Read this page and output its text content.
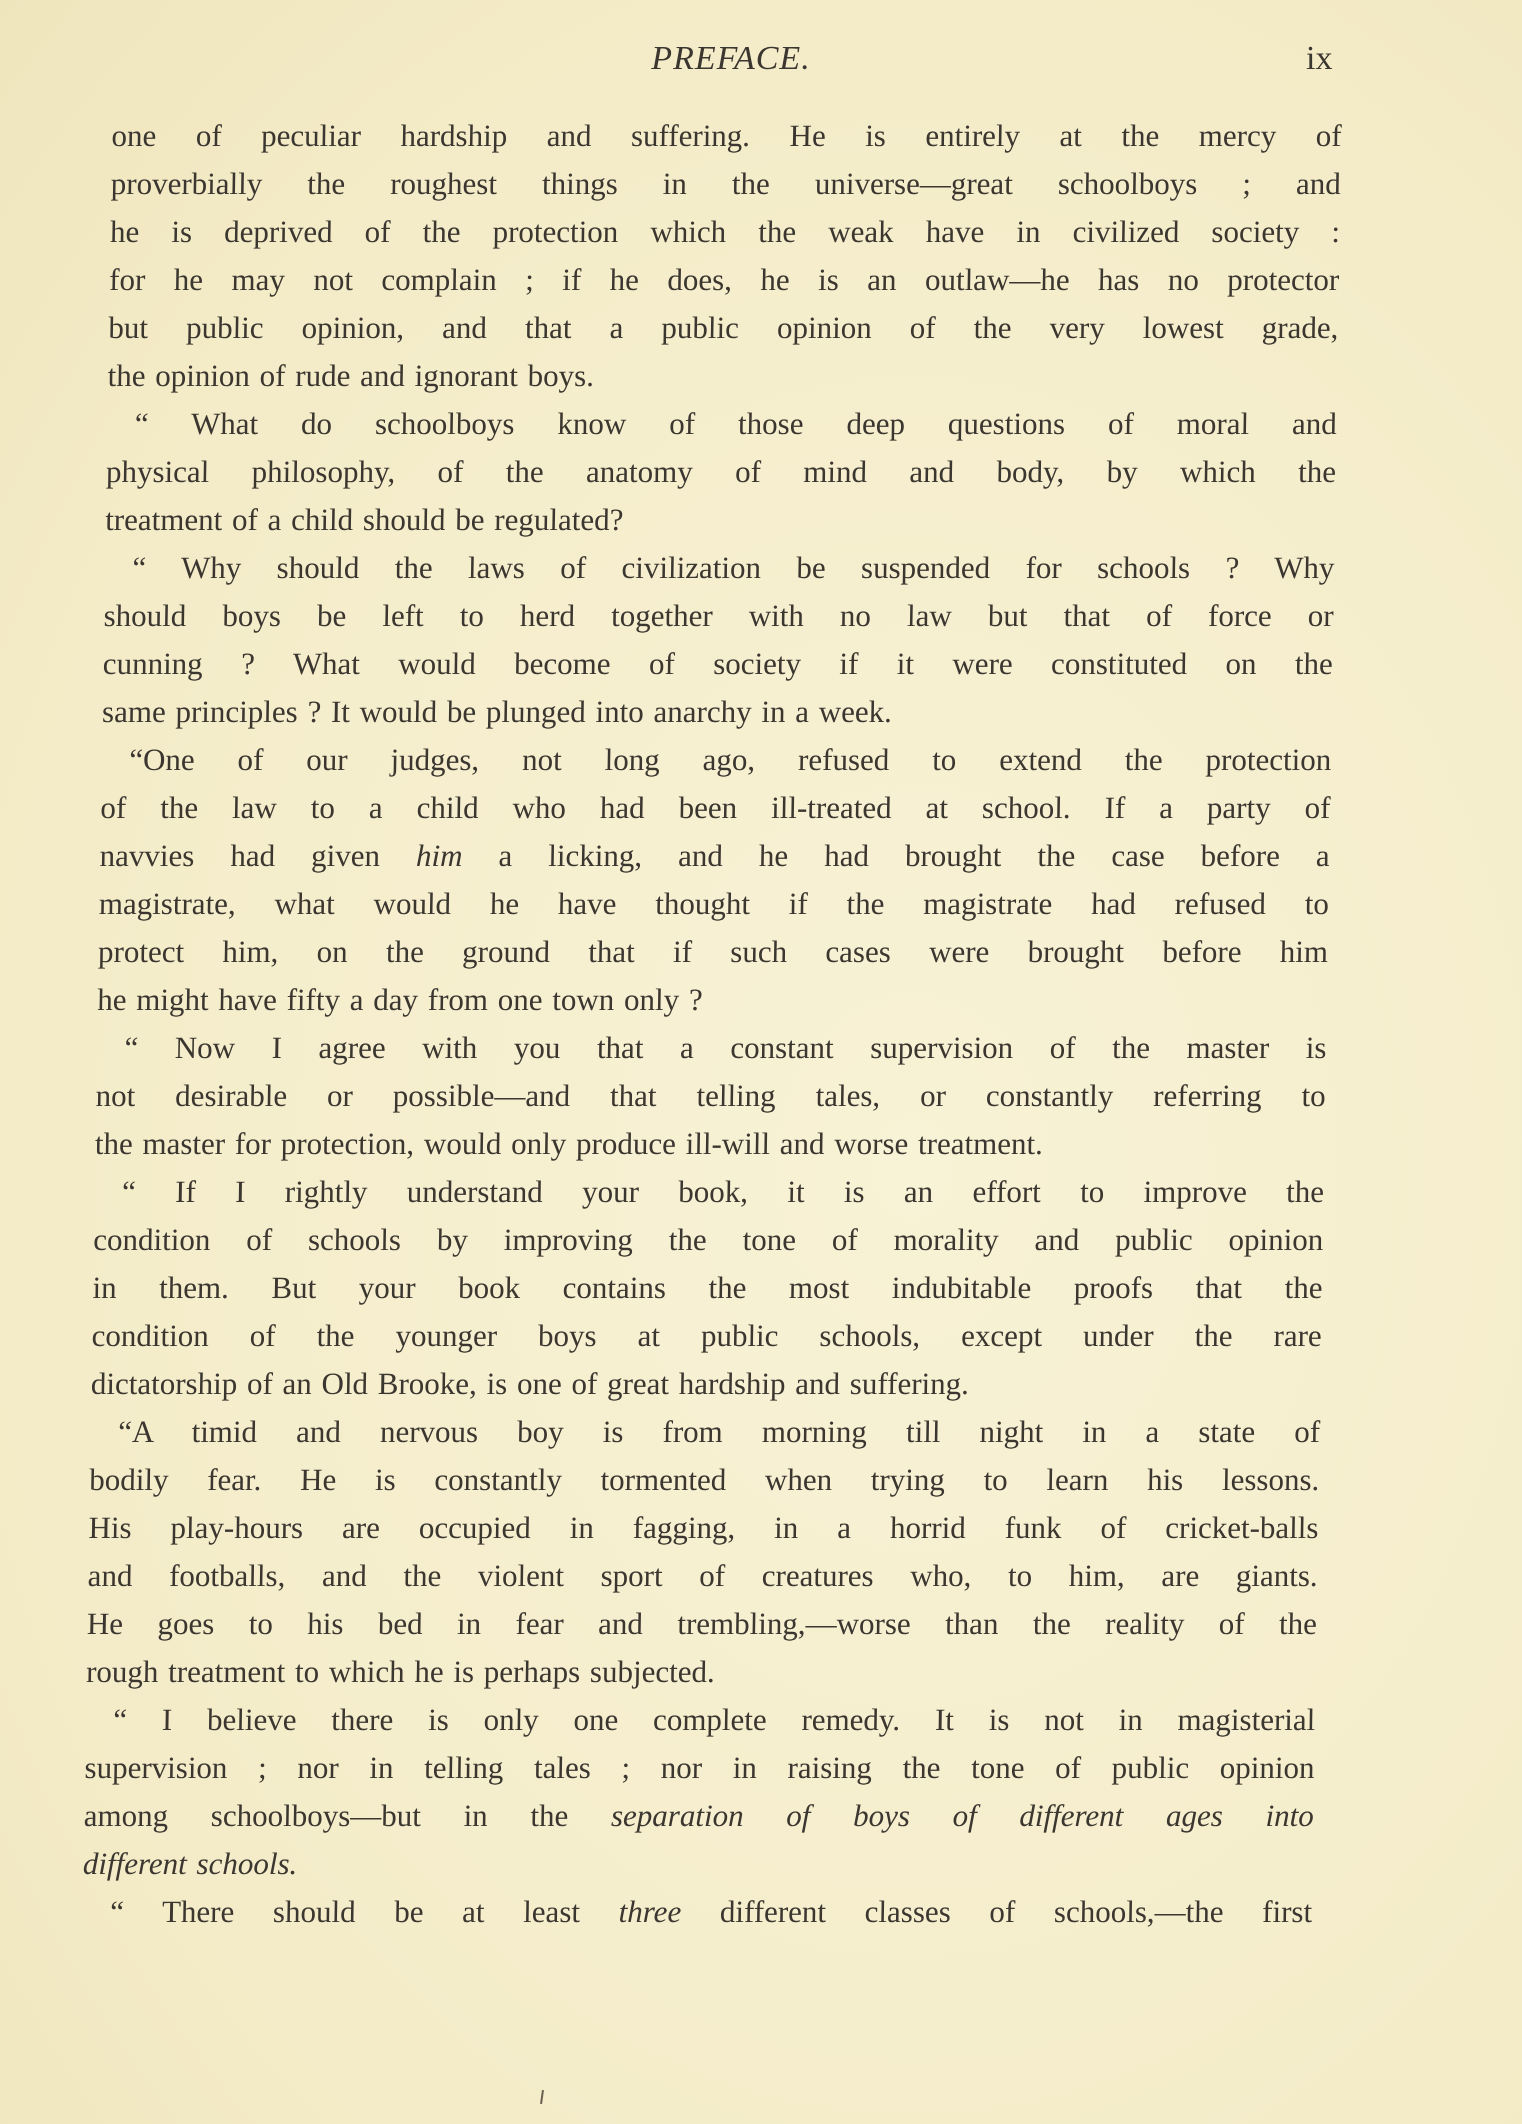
PREFACE.	ix
one of peculiar hardship and suffering. He is entirely at the mercy of
proverbially the roughest things in the universe—great schoolboys ; and
he is deprived of the protection which the weak have in civilized society :
for he may not complain ; if he does, he is an outlaw—he has no protector
but public opinion, and that a public opinion of the very lowest grade,
the opinion of rude and ignorant boys.
“ What do schoolboys know of those deep questions of moral and
physical philosophy, of the anatomy of mind and body, by which the
treatment of a child should be regulated?
“ Why should the laws of civilization be suspended for schools ? Why
should boys be left to herd together with no law but that of force or
cunning ? What would become of society if it were constituted on the
same principles ? It would be plunged into anarchy in a week.
“One of our judges, not long ago, refused to extend the protection
of the law to a child who had been ill-treated at school. If a party of
navvies had given him a licking, and he had brought the case before a
magistrate, what would he have thought if the magistrate had refused to
protect him, on the ground that if such cases were brought before him
he might have fifty a day from one town only ?
“ Now I agree with you that a constant supervision of the master is
not desirable or possible—and that telling tales, or constantly referring to
the master for protection, would only produce ill-will and worse treatment.
“ If I rightly understand your book, it is an effort to improve the
condition of schools by improving the tone of morality and public opinion
in them. But your book contains the most indubitable proofs that the
condition of the younger boys at public schools, except under the rare
dictatorship of an Old Brooke, is one of great hardship and suffering.
“A timid and nervous boy is from morning till night in a state of
bodily fear. He is constantly tormented when trying to learn his lessons.
His play-hours are occupied in fagging, in a horrid funk of cricket-balls
and footballs, and the violent sport of creatures who, to him, are giants.
He goes to his bed in fear and trembling,—worse than the reality of the
rough treatment to which he is perhaps subjected.
“ I believe there is only one complete remedy. It is not in magisterial
supervision ; nor in telling tales ; nor in raising the tone of public opinion
among schoolboys—but in the separation of boys of different ages into
different schools.
“ There should be at least three different classes of schools,—the first
